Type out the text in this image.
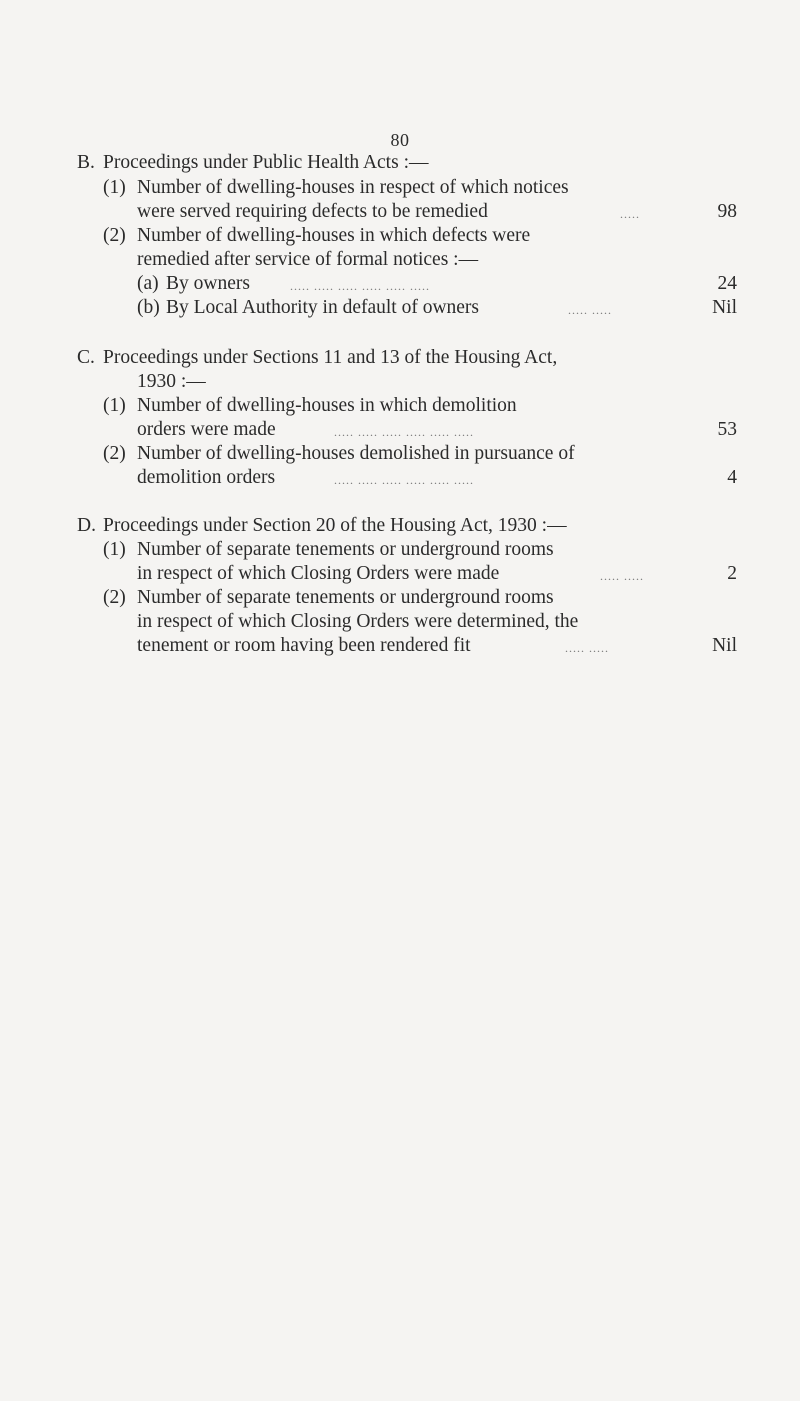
80
B. Proceedings under Public Health Acts :—
(1) Number of dwelling-houses in respect of which notices
were served requiring defects to be remedied	.....	98
(2) Number of dwelling-houses in which defects were
remedied after service of formal notices :—
(a) By owners	..... ..... ..... ..... ..... .....	24
(b) By Local Authority in default of owners	..... .....	Nil
C. Proceedings under Sections 11 and 13 of the Housing Act,
1930 :—
(1) Number of dwelling-houses in which demolition
orders were made	..... ..... ..... ..... ..... .....	53
(2) Number of dwelling-houses demolished in pursuance of
demolition orders	..... ..... ..... ..... ..... .....	4
D. Proceedings under Section 20 of the Housing Act, 1930 :—
(1) Number of separate tenements or underground rooms
in respect of which Closing Orders were made	..... .....	2
(2) Number of separate tenements or underground rooms
in respect of which Closing Orders were determined, the
tenement or room having been rendered fit	..... .....	Nil
